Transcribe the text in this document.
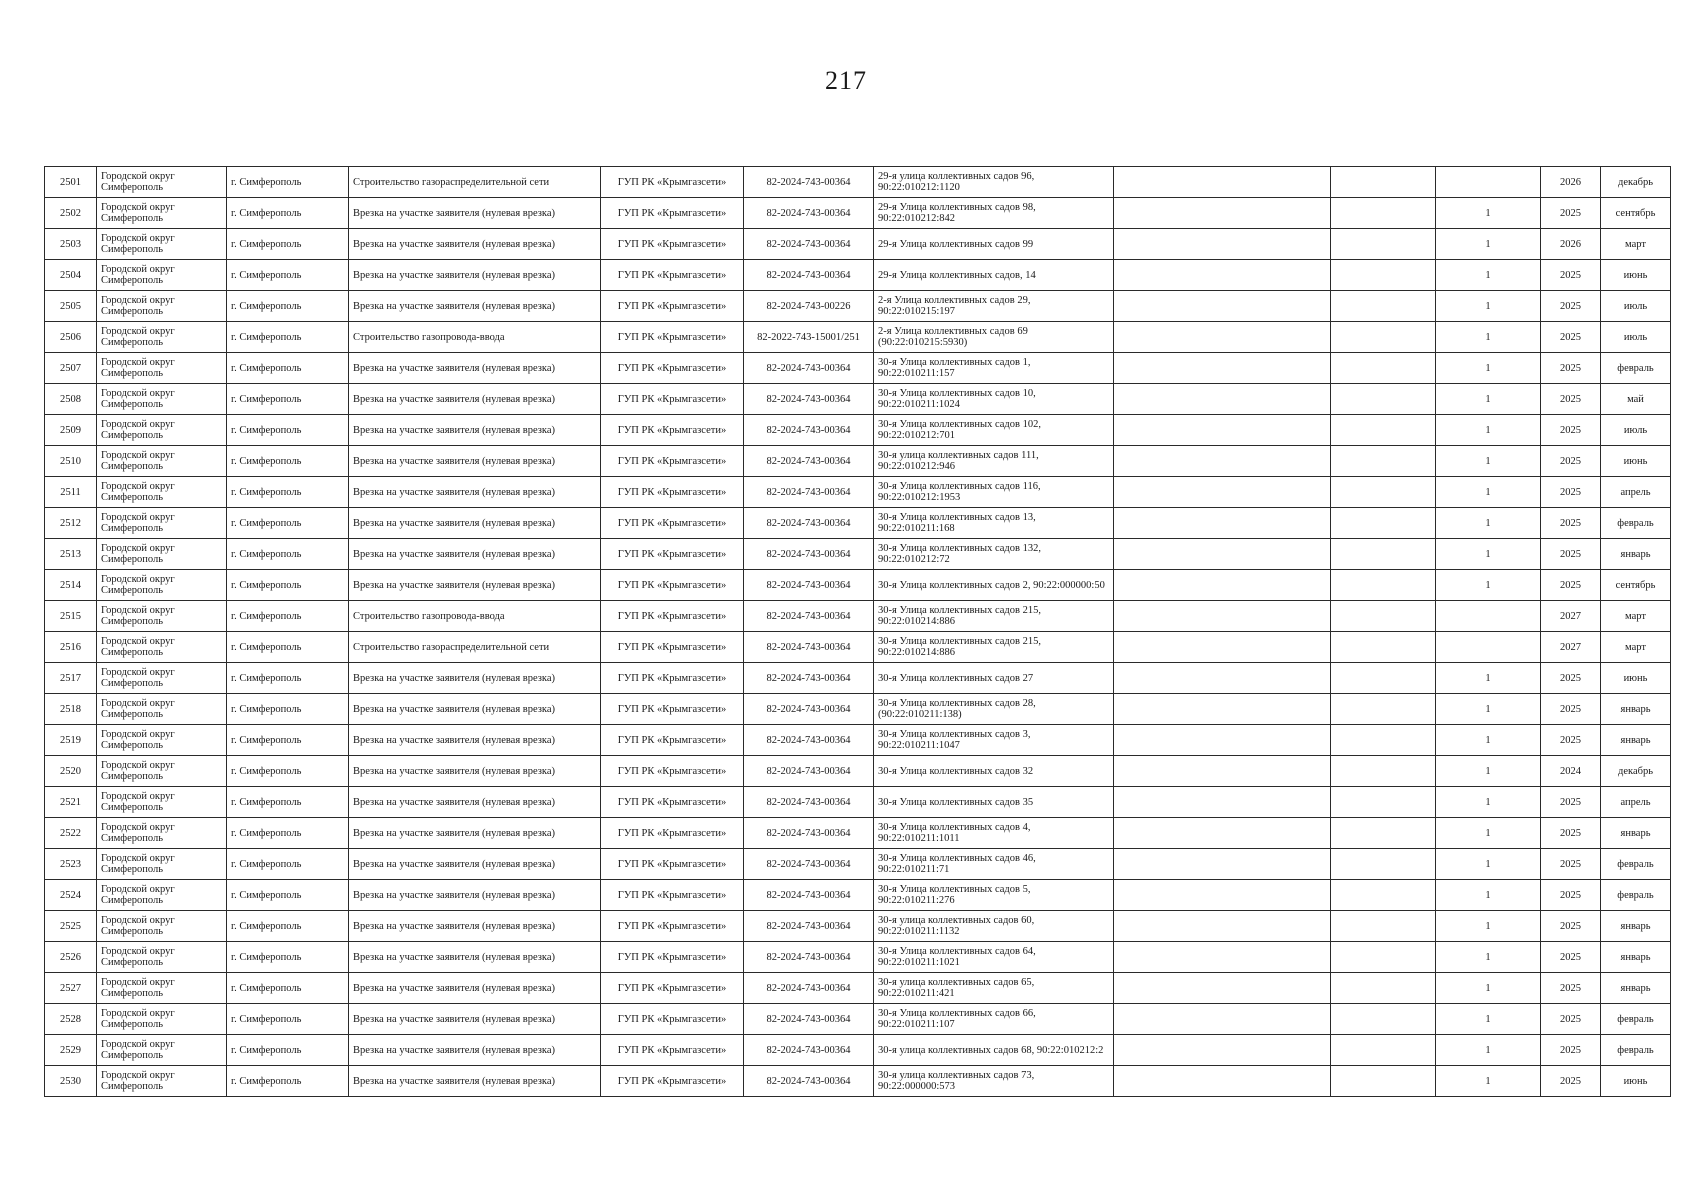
217
2501	Городской округ Симферополь	г. Симферополь	Строительство газораспределительной сети	ГУП РК «Крымгазсети»	82-2024-743-00364	29-я улица коллективных садов 96, 90:22:010212:1120				2026	декабрь
2502	Городской округ Симферополь	г. Симферополь	Врезка на участке заявителя (нулевая врезка)	ГУП РК «Крымгазсети»	82-2024-743-00364	29-я Улица коллективных садов 98, 90:22:010212:842			1	2025	сентябрь
2503	Городской округ Симферополь	г. Симферополь	Врезка на участке заявителя (нулевая врезка)	ГУП РК «Крымгазсети»	82-2024-743-00364	29-я Улица коллективных садов 99			1	2026	март
2504	Городской округ Симферополь	г. Симферополь	Врезка на участке заявителя (нулевая врезка)	ГУП РК «Крымгазсети»	82-2024-743-00364	29-я Улица коллективных садов, 14			1	2025	июнь
2505	Городской округ Симферополь	г. Симферополь	Врезка на участке заявителя (нулевая врезка)	ГУП РК «Крымгазсети»	82-2024-743-00226	2-я Улица коллективных садов 29, 90:22:010215:197			1	2025	июль
2506	Городской округ Симферополь	г. Симферополь	Строительство газопровода-ввода	ГУП РК «Крымгазсети»	82-2022-743-15001/251	2-я Улица коллективных садов 69 (90:22:010215:5930)			1	2025	июль
2507	Городской округ Симферополь	г. Симферополь	Врезка на участке заявителя (нулевая врезка)	ГУП РК «Крымгазсети»	82-2024-743-00364	30-я Улица коллективных садов 1, 90:22:010211:157			1	2025	февраль
2508	Городской округ Симферополь	г. Симферополь	Врезка на участке заявителя (нулевая врезка)	ГУП РК «Крымгазсети»	82-2024-743-00364	30-я Улица коллективных садов 10, 90:22:010211:1024			1	2025	май
2509	Городской округ Симферополь	г. Симферополь	Врезка на участке заявителя (нулевая врезка)	ГУП РК «Крымгазсети»	82-2024-743-00364	30-я Улица коллективных садов 102, 90:22:010212:701			1	2025	июль
2510	Городской округ Симферополь	г. Симферополь	Врезка на участке заявителя (нулевая врезка)	ГУП РК «Крымгазсети»	82-2024-743-00364	30-я улица коллективных садов 111, 90:22:010212:946			1	2025	июнь
2511	Городской округ Симферополь	г. Симферополь	Врезка на участке заявителя (нулевая врезка)	ГУП РК «Крымгазсети»	82-2024-743-00364	30-я Улица коллективных садов 116, 90:22:010212:1953			1	2025	апрель
2512	Городской округ Симферополь	г. Симферополь	Врезка на участке заявителя (нулевая врезка)	ГУП РК «Крымгазсети»	82-2024-743-00364	30-я Улица коллективных садов 13, 90:22:010211:168			1	2025	февраль
2513	Городской округ Симферополь	г. Симферополь	Врезка на участке заявителя (нулевая врезка)	ГУП РК «Крымгазсети»	82-2024-743-00364	30-я Улица коллективных садов 132, 90:22:010212:72			1	2025	январь
2514	Городской округ Симферополь	г. Симферополь	Врезка на участке заявителя (нулевая врезка)	ГУП РК «Крымгазсети»	82-2024-743-00364	30-я Улица коллективных садов 2, 90:22:000000:50			1	2025	сентябрь
2515	Городской округ Симферополь	г. Симферополь	Строительство газопровода-ввода	ГУП РК «Крымгазсети»	82-2024-743-00364	30-я Улица коллективных садов 215, 90:22:010214:886				2027	март
2516	Городской округ Симферополь	г. Симферополь	Строительство газораспределительной сети	ГУП РК «Крымгазсети»	82-2024-743-00364	30-я Улица коллективных садов 215, 90:22:010214:886				2027	март
2517	Городской округ Симферополь	г. Симферополь	Врезка на участке заявителя (нулевая врезка)	ГУП РК «Крымгазсети»	82-2024-743-00364	30-я Улица коллективных садов 27			1	2025	июнь
2518	Городской округ Симферополь	г. Симферополь	Врезка на участке заявителя (нулевая врезка)	ГУП РК «Крымгазсети»	82-2024-743-00364	30-я Улица коллективных садов 28, (90:22:010211:138)			1	2025	январь
2519	Городской округ Симферополь	г. Симферополь	Врезка на участке заявителя (нулевая врезка)	ГУП РК «Крымгазсети»	82-2024-743-00364	30-я Улица коллективных садов 3, 90:22:010211:1047			1	2025	январь
2520	Городской округ Симферополь	г. Симферополь	Врезка на участке заявителя (нулевая врезка)	ГУП РК «Крымгазсети»	82-2024-743-00364	30-я Улица коллективных садов 32			1	2024	декабрь
2521	Городской округ Симферополь	г. Симферополь	Врезка на участке заявителя (нулевая врезка)	ГУП РК «Крымгазсети»	82-2024-743-00364	30-я Улица коллективных садов 35			1	2025	апрель
2522	Городской округ Симферополь	г. Симферополь	Врезка на участке заявителя (нулевая врезка)	ГУП РК «Крымгазсети»	82-2024-743-00364	30-я Улица коллективных садов 4, 90:22:010211:1011			1	2025	январь
2523	Городской округ Симферополь	г. Симферополь	Врезка на участке заявителя (нулевая врезка)	ГУП РК «Крымгазсети»	82-2024-743-00364	30-я Улица коллективных садов 46, 90:22:010211:71			1	2025	февраль
2524	Городской округ Симферополь	г. Симферополь	Врезка на участке заявителя (нулевая врезка)	ГУП РК «Крымгазсети»	82-2024-743-00364	30-я Улица коллективных садов 5, 90:22:010211:276			1	2025	февраль
2525	Городской округ Симферополь	г. Симферополь	Врезка на участке заявителя (нулевая врезка)	ГУП РК «Крымгазсети»	82-2024-743-00364	30-я улица коллективных садов 60, 90:22:010211:1132			1	2025	январь
2526	Городской округ Симферополь	г. Симферополь	Врезка на участке заявителя (нулевая врезка)	ГУП РК «Крымгазсети»	82-2024-743-00364	30-я Улица коллективных садов 64, 90:22:010211:1021			1	2025	январь
2527	Городской округ Симферополь	г. Симферополь	Врезка на участке заявителя (нулевая врезка)	ГУП РК «Крымгазсети»	82-2024-743-00364	30-я улица коллективных садов 65, 90:22:010211:421			1	2025	январь
2528	Городской округ Симферополь	г. Симферополь	Врезка на участке заявителя (нулевая врезка)	ГУП РК «Крымгазсети»	82-2024-743-00364	30-я Улица коллективных садов 66, 90:22:010211:107			1	2025	февраль
2529	Городской округ Симферополь	г. Симферополь	Врезка на участке заявителя (нулевая врезка)	ГУП РК «Крымгазсети»	82-2024-743-00364	30-я улица коллективных садов 68, 90:22:010212:2			1	2025	февраль
2530	Городской округ Симферополь	г. Симферополь	Врезка на участке заявителя (нулевая врезка)	ГУП РК «Крымгазсети»	82-2024-743-00364	30-я улица коллективных садов 73, 90:22:000000:573			1	2025	июнь
